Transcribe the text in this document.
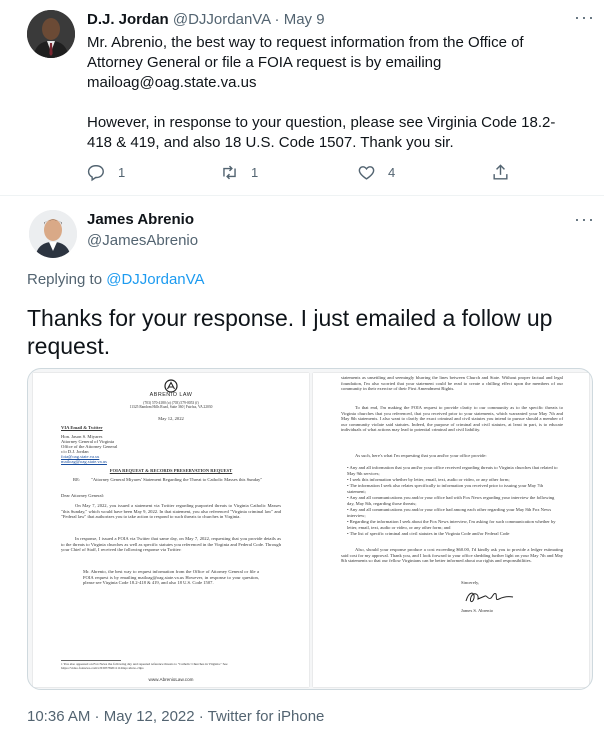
D.J. Jordan @DJJordanVA · May 9	···

Mr. Abrenio, the best way to request information from the Office of Attorney General or file a FOIA request is by emailing mailoag@oag.state.va.us

However, in response to your question, please see Virginia Code 18.2-418 & 419, and also 18 U.S. Code 1507. Thank you sir.

1	1	4
James Abrenio
@JamesAbrenio
···
Replying to @DJJordanVA
Thanks for your response. I just emailed a follow up request.
ABRENIO LAW
(703) 570-4180 (o) (703) 579-0053 (f)
11325 Random Hills Road, Suite 360 | Fairfax, VA 22030
May 12, 2022
VIA Email & Twitter
Hon. Jason S. Miyares
Attorney General of Virginia
Office of the Attorney General
c/o D.J. Jordan
foia@oag.state.va.us
mailoag@oag.state.va.us
FOIA REQUEST & RECORDS PRESERVATION REQUEST
RE: "Attorney General Miyares' Statement Regarding the Threat to Catholic Masses this Sunday"
Dear Attorney General:
On May 7, 2022, you issued a statement via Twitter regarding purported threats to Virginia Catholic Masses "this Sunday," which would have been May 9, 2022. In that statement, you also referenced "Virginia criminal law" and "Federal law" that authorizes you to take action to respond to such threats to churches in Virginia.
In response, I issued a FOIA via Twitter that same day, on May 7, 2022, requesting that you provide details as to the threats to Virginia churches as well as specific statutes you referenced in the Virginia and Federal Code. Through your Chief of Staff, I received the following response via Twitter:
Mr. Abrenio, the best way to request information from the Office of Attorney General or file a FOIA request is by emailing mailoag@oag.state.va.us However, in response to your question, please see Virginia Code 18.2-418 & 419, and also 18 U.S. Code 1507.
1 You also appeared on Fox News the following day and repeated reference threats to "Catholic Churches in Virginia." See https://video.foxnews.com/v/6305782011112#sp=show-clips
www.AbrenioLaw.com
statements as unsettling and seemingly blurring the lines between Church and State. Without proper factual and legal foundation, I'm also worried that your statement could be read to create a chilling effect upon the members of our community in their exercise of their First Amendment Rights.
To that end, I'm making the FOIA request to provide clarity to our community as to the specific threats to Virginia churches that you referenced, that you received prior to your statements, which warranted your May 7th and May 8th statements. I also want to clarify the exact criminal and civil statutes you intend to pursue should a member of our community violate said statutes. Indeed, the purpose of criminal and civil statutes, at least in part, is to educate individuals of what actions may lead to potential criminal and civil liability.
As such, here's what I'm requesting that you and/or your office provide:
• Any and all information that you and/or your office received regarding threats to Virginia churches that related to May 9th services;
• I seek this information whether by letter, email, text, audio or video, or any other form;
• The information I seek also relates specifically to information you received prior to issuing your May 7th statement;
• Any and all communications you and/or your office had with Fox News regarding your interview the following day, May 8th, regarding those threats;
• Any and all communications you and/or your office had among each other regarding your May 8th Fox News interview;
• Regarding the information I seek about the Fox News interview, I'm asking for such communication whether by letter, email, text, audio or video, or any other form; and
• The list of specific criminal and civil statutes in the Virginia Code and/or Federal Code
Also, should your response produce a cost exceeding $60.00, I'd kindly ask you to provide a ledger estimating said cost for my approval. Thank you, and I look forward to your office shedding further light on your May 7th and May 8th statements so that our fellow Virginians can be better informed about our rights and responsibilities.
Sincerely,
James S. Abrenio
10:36 AM · May 12, 2022 · Twitter for iPhone
